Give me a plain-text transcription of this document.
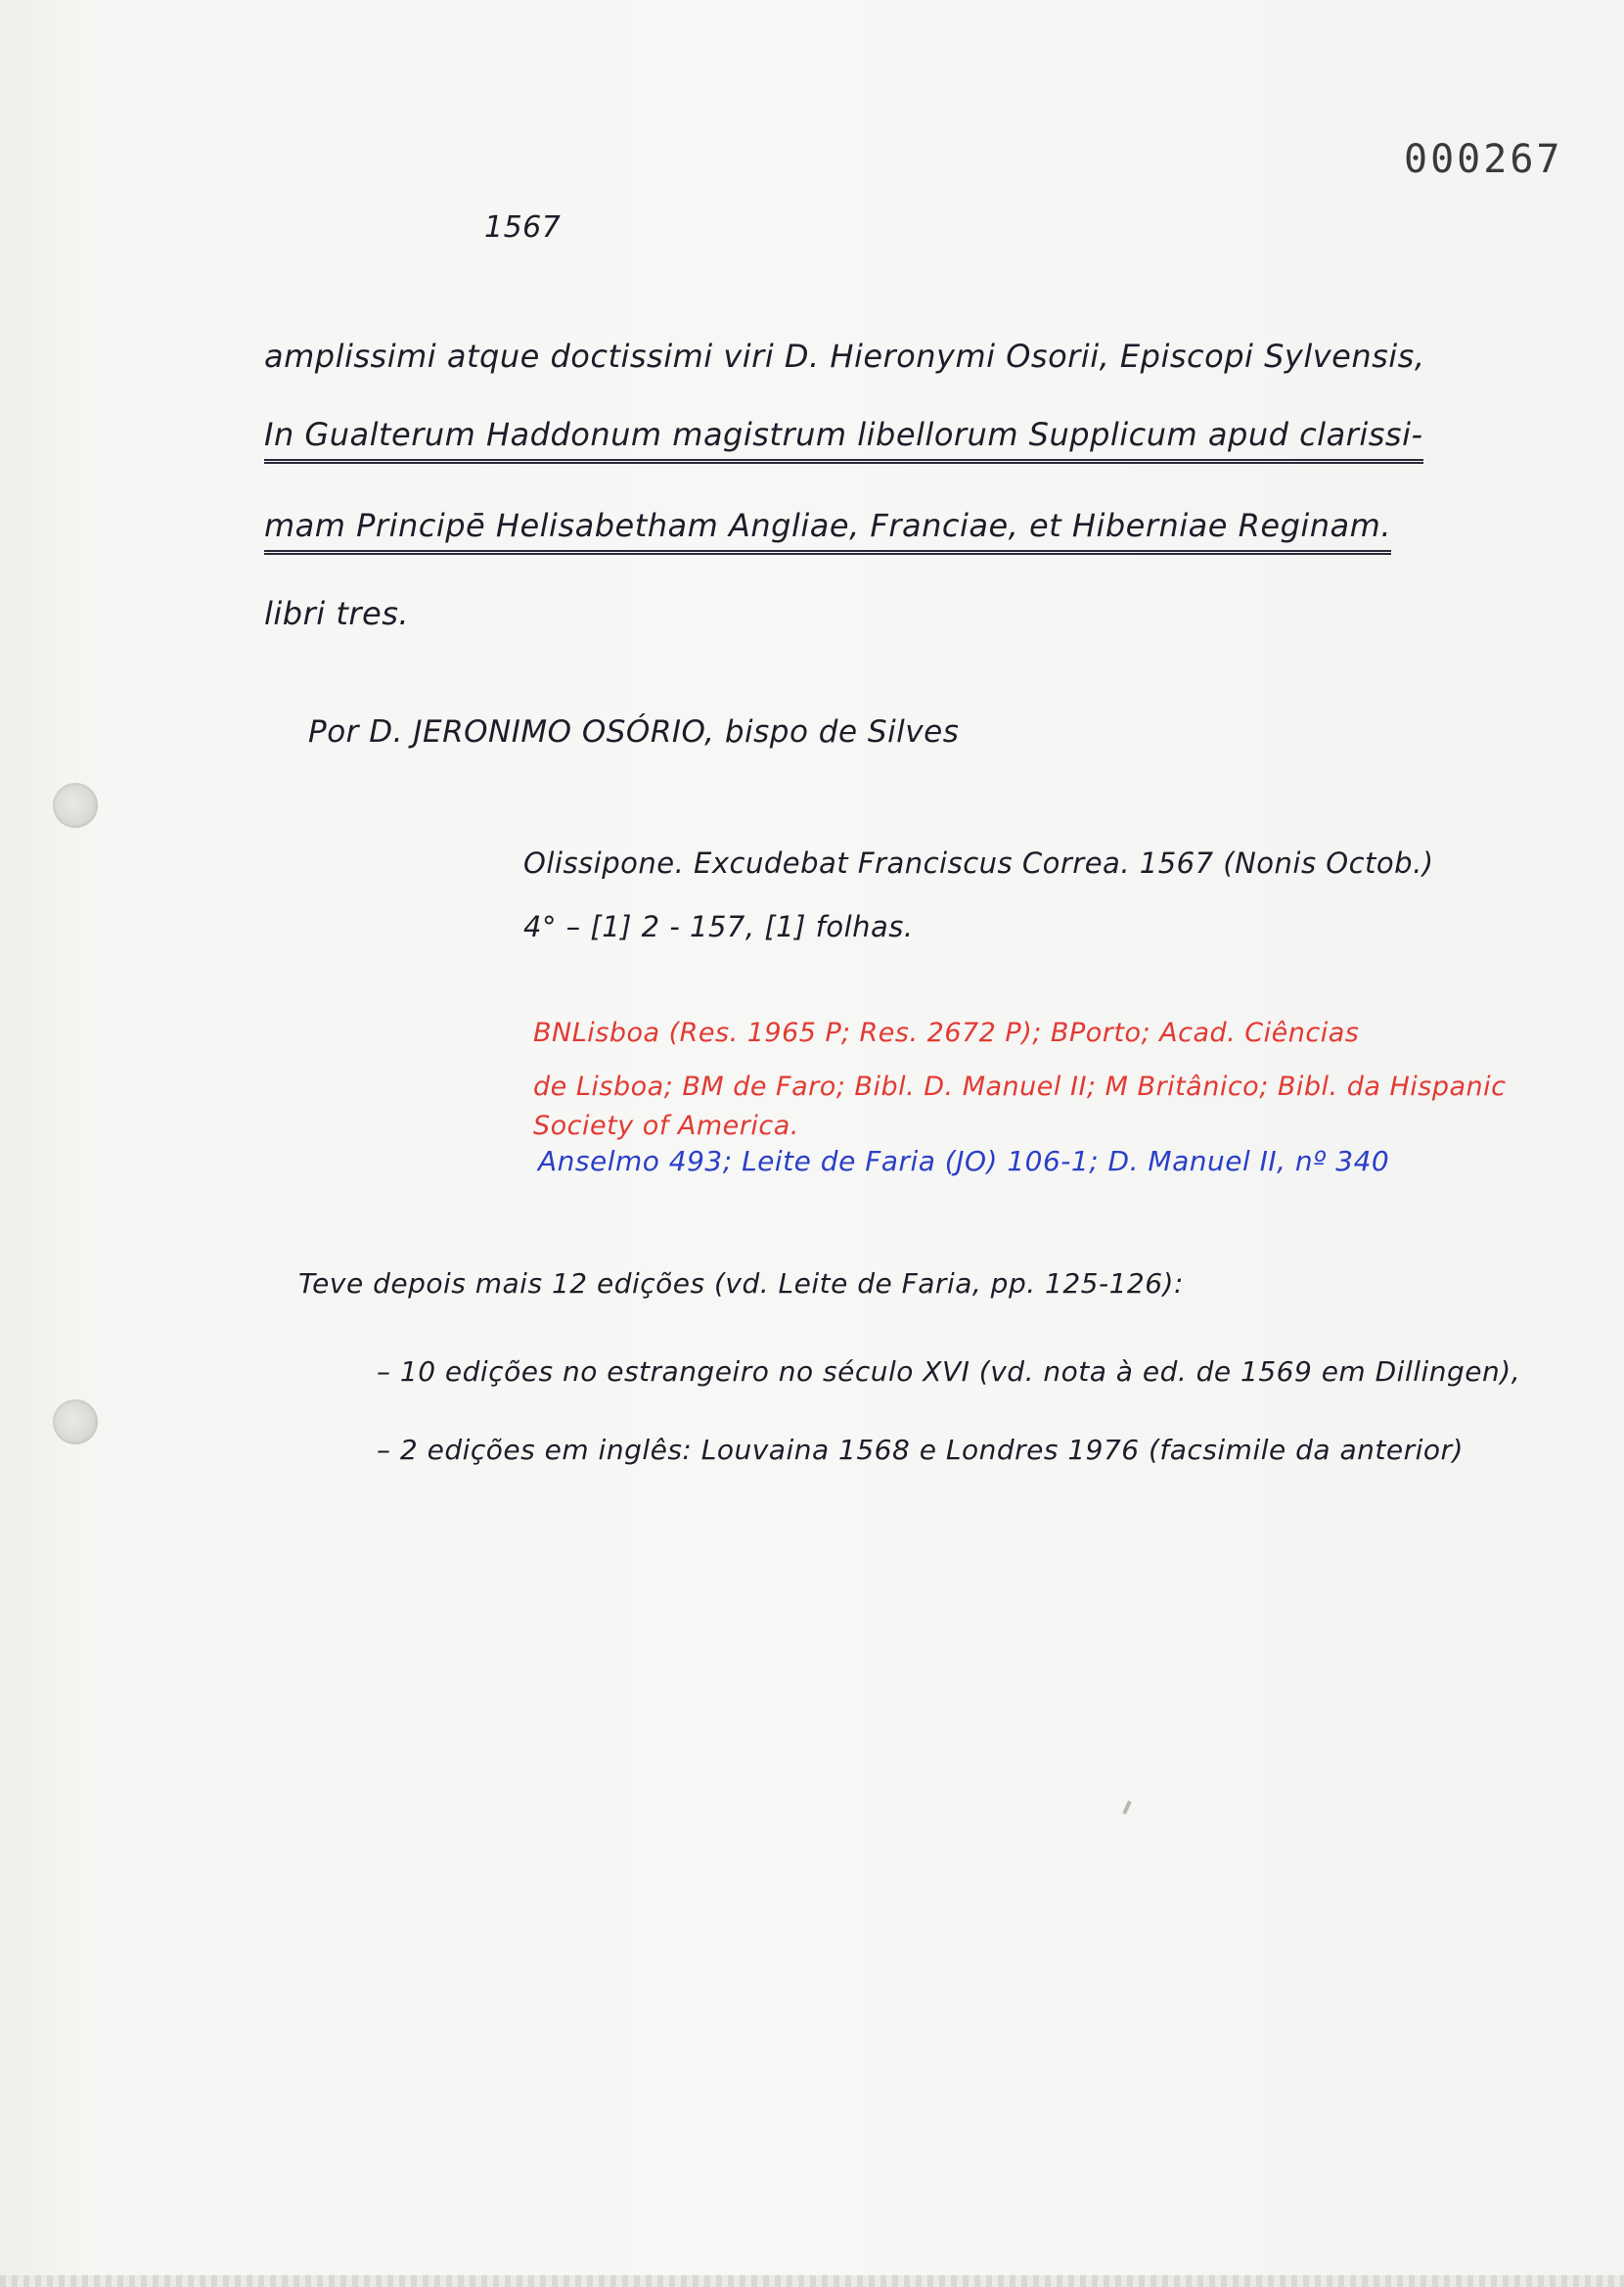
000267
1567
amplissimi atque doctissimi viri D. Hieronymi Osorii, Episcopi Sylvensis,
In Gualterum Haddonum magistrum libellorum Supplicum apud clarissi-
mam Principē Helisabetham Angliae, Franciae, et Hiberniae Reginam.
libri tres.
Por D. JERONIMO OSÓRIO, bispo de Silves
Olissipone. Excudebat Franciscus Correa. 1567 (Nonis Octob.)
4° – [1] 2 - 157, [1] folhas.
BNLisboa (Res. 1965 P; Res. 2672 P); BPorto; Acad. Ciências
de Lisboa; BM de Faro; Bibl. D. Manuel II; M Britânico; Bibl. da Hispanic
Society of America.
Anselmo 493; Leite de Faria (JO) 106-1; D. Manuel II, nº 340
Teve depois mais 12 edições (vd. Leite de Faria, pp. 125-126):
– 10 edições no estrangeiro no século XVI (vd. nota à ed. de 1569 em Dillingen),
– 2 edições em inglês: Louvaina 1568 e Londres 1976 (facsimile da anterior)
